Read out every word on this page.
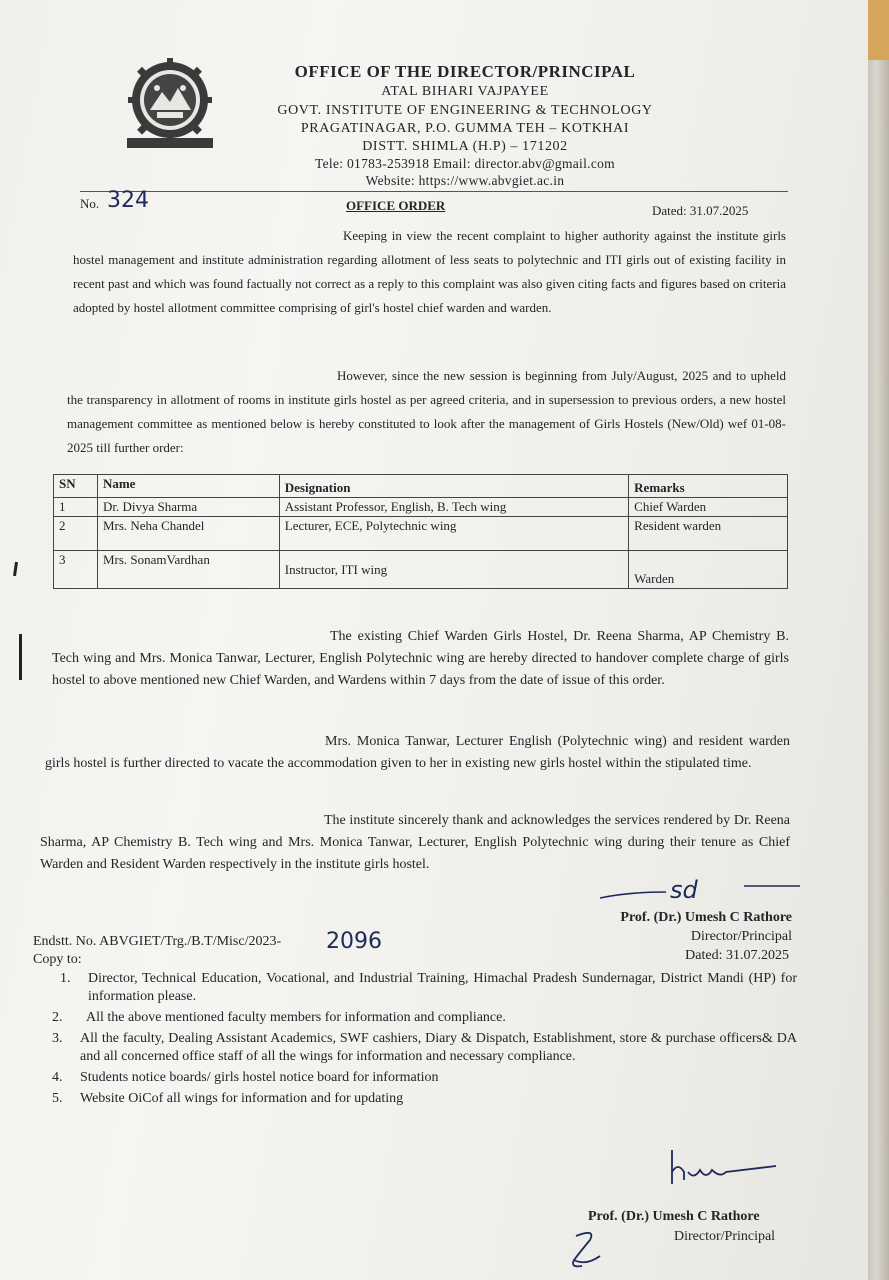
OFFICE OF THE DIRECTOR/PRINCIPAL
ATAL BIHARI VAJPAYEE
GOVT. INSTITUTE OF ENGINEERING & TECHNOLOGY
PRAGATINAGAR, P.O. GUMMA TEH – KOTKHAI
DISTT. SHIMLA (H.P) – 171202
Tele: 01783-253918 Email: director.abv@gmail.com
Website: https://www.abvgiet.ac.in
No. 324	OFFICE ORDER	Dated: 31.07.2025
Keeping in view the recent complaint to higher authority against the institute girls hostel management and institute administration regarding allotment of less seats to polytechnic and ITI girls out of existing facility in recent past and which was found factually not correct as a reply to this complaint was also given citing facts and figures based on criteria adopted by hostel allotment committee comprising of girl's hostel chief warden and warden.
However, since the new session is beginning from July/August, 2025 and to upheld the transparency in allotment of rooms in institute girls hostel as per agreed criteria, and in supersession to previous orders, a new hostel management committee as mentioned below is hereby constituted to look after the management of Girls Hostels (New/Old) wef 01-08-2025 till further order:
SN	Name	Designation	Remarks
1	Dr. Divya Sharma	Assistant Professor, English, B. Tech wing	Chief Warden
2	Mrs. Neha Chandel	Lecturer, ECE, Polytechnic wing	Resident warden
3	Mrs. SonamVardhan	Instructor, ITI wing	Warden
The existing Chief Warden Girls Hostel, Dr. Reena Sharma, AP Chemistry B. Tech wing and Mrs. Monica Tanwar, Lecturer, English Polytechnic wing are hereby directed to handover complete charge of girls hostel to above mentioned new Chief Warden, and Wardens within 7 days from the date of issue of this order.
Mrs. Monica Tanwar, Lecturer English (Polytechnic wing) and resident warden girls hostel is further directed to vacate the accommodation given to her in existing new girls hostel within the stipulated time.
The institute sincerely thank and acknowledges the services rendered by Dr. Reena Sharma, AP Chemistry B. Tech wing and Mrs. Monica Tanwar, Lecturer, English Polytechnic wing during their tenure as Chief Warden and Resident Warden respectively in the institute girls hostel.
sd
Prof. (Dr.) Umesh C Rathore
Director/Principal
Dated: 31.07.2025
Endstt. No. ABVGIET/Trg./B.T/Misc/2023- 2096
Copy to:
1. Director, Technical Education, Vocational, and Industrial Training, Himachal Pradesh Sundernagar, District Mandi (HP) for information please.
2. All the above mentioned faculty members for information and compliance.
3. All the faculty, Dealing Assistant Academics, SWF cashiers, Diary & Dispatch, Establishment, store & purchase officers& DA and all concerned office staff of all the wings for information and necessary compliance.
4. Students notice boards/ girls hostel notice board for information
5. Website OiCof all wings for information and for updating
Prof. (Dr.) Umesh C Rathore
Director/Principal
